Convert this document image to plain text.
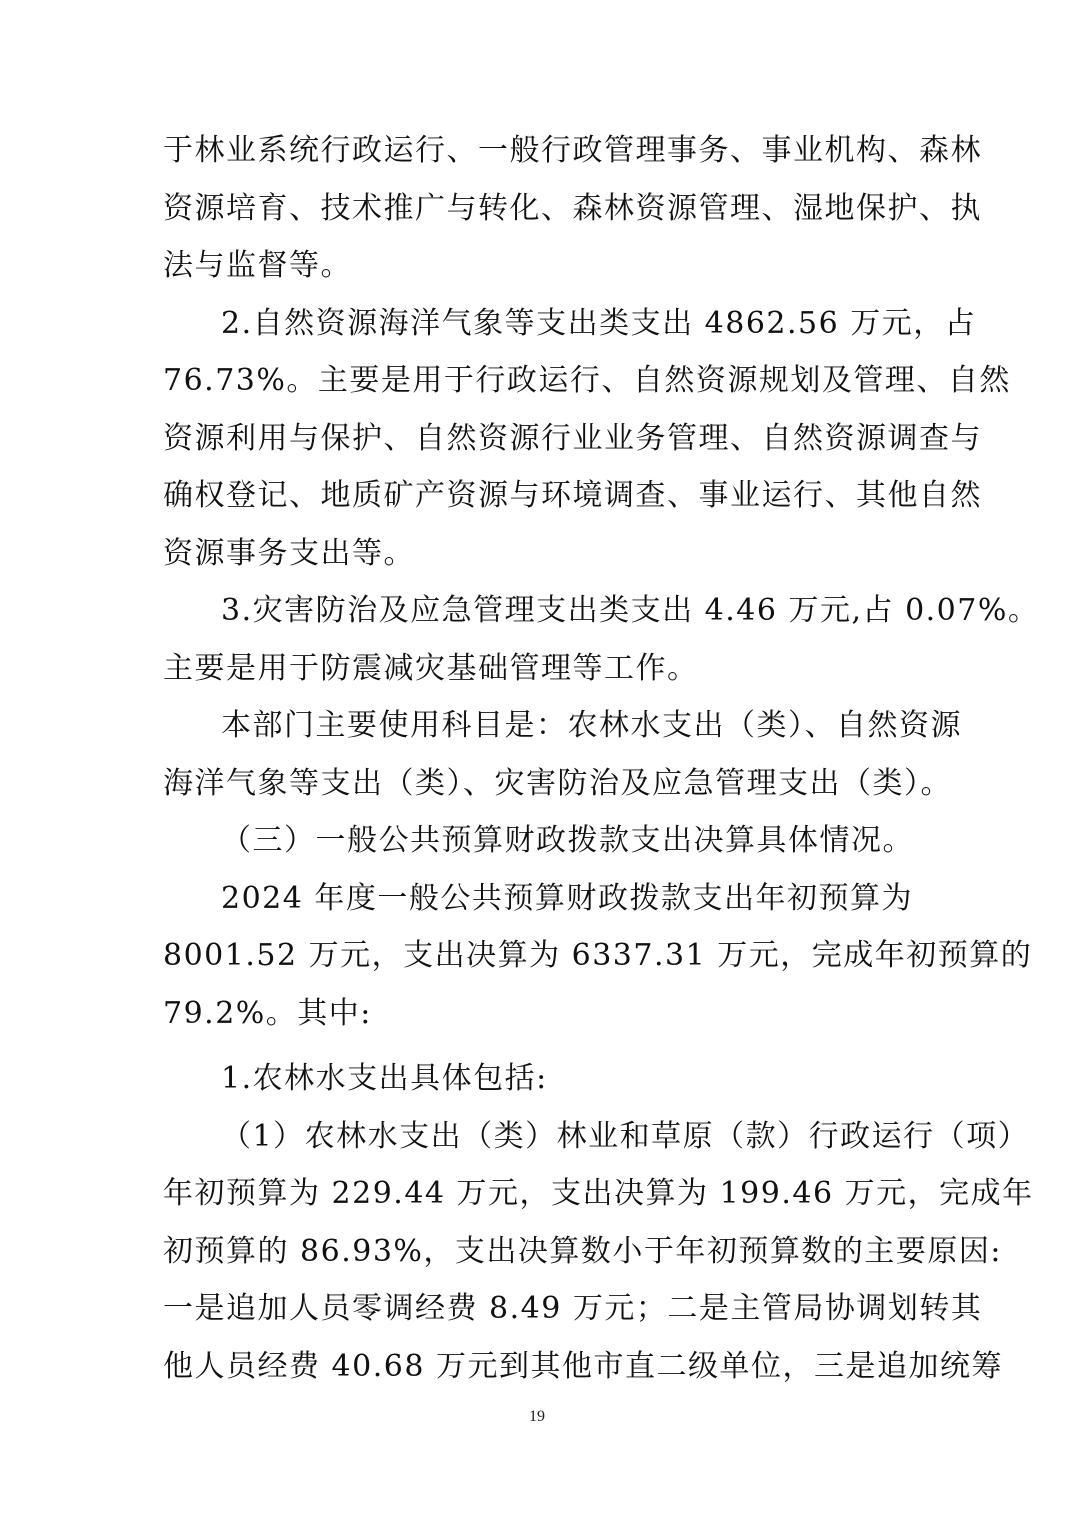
于林业系统行政运行、一般行政管理事务、事业机构、森林
资源培育、技术推广与转化、森林资源管理、湿地保护、执
法与监督等。
2.自然资源海洋气象等支出类支出 4862.56 万元，占
76.73%。主要是用于行政运行、自然资源规划及管理、自然
资源利用与保护、自然资源行业业务管理、自然资源调查与
确权登记、地质矿产资源与环境调查、事业运行、其他自然
资源事务支出等。
3.灾害防治及应急管理支出类支出 4.46 万元,占 0.07%。
主要是用于防震减灾基础管理等工作。
本部门主要使用科目是：农林水支出（类）、自然资源
海洋气象等支出（类）、灾害防治及应急管理支出（类）。
（三）一般公共预算财政拨款支出决算具体情况。
2024 年度一般公共预算财政拨款支出年初预算为
8001.52 万元，支出决算为 6337.31 万元，完成年初预算的
79.2%。其中:
1.农林水支出具体包括:
（1）农林水支出（类）林业和草原（款）行政运行（项）
年初预算为 229.44 万元，支出决算为 199.46 万元，完成年
初预算的 86.93%，支出决算数小于年初预算数的主要原因:
一是追加人员零调经费 8.49 万元；二是主管局协调划转其
他人员经费 40.68 万元到其他市直二级单位，三是追加统筹
19
